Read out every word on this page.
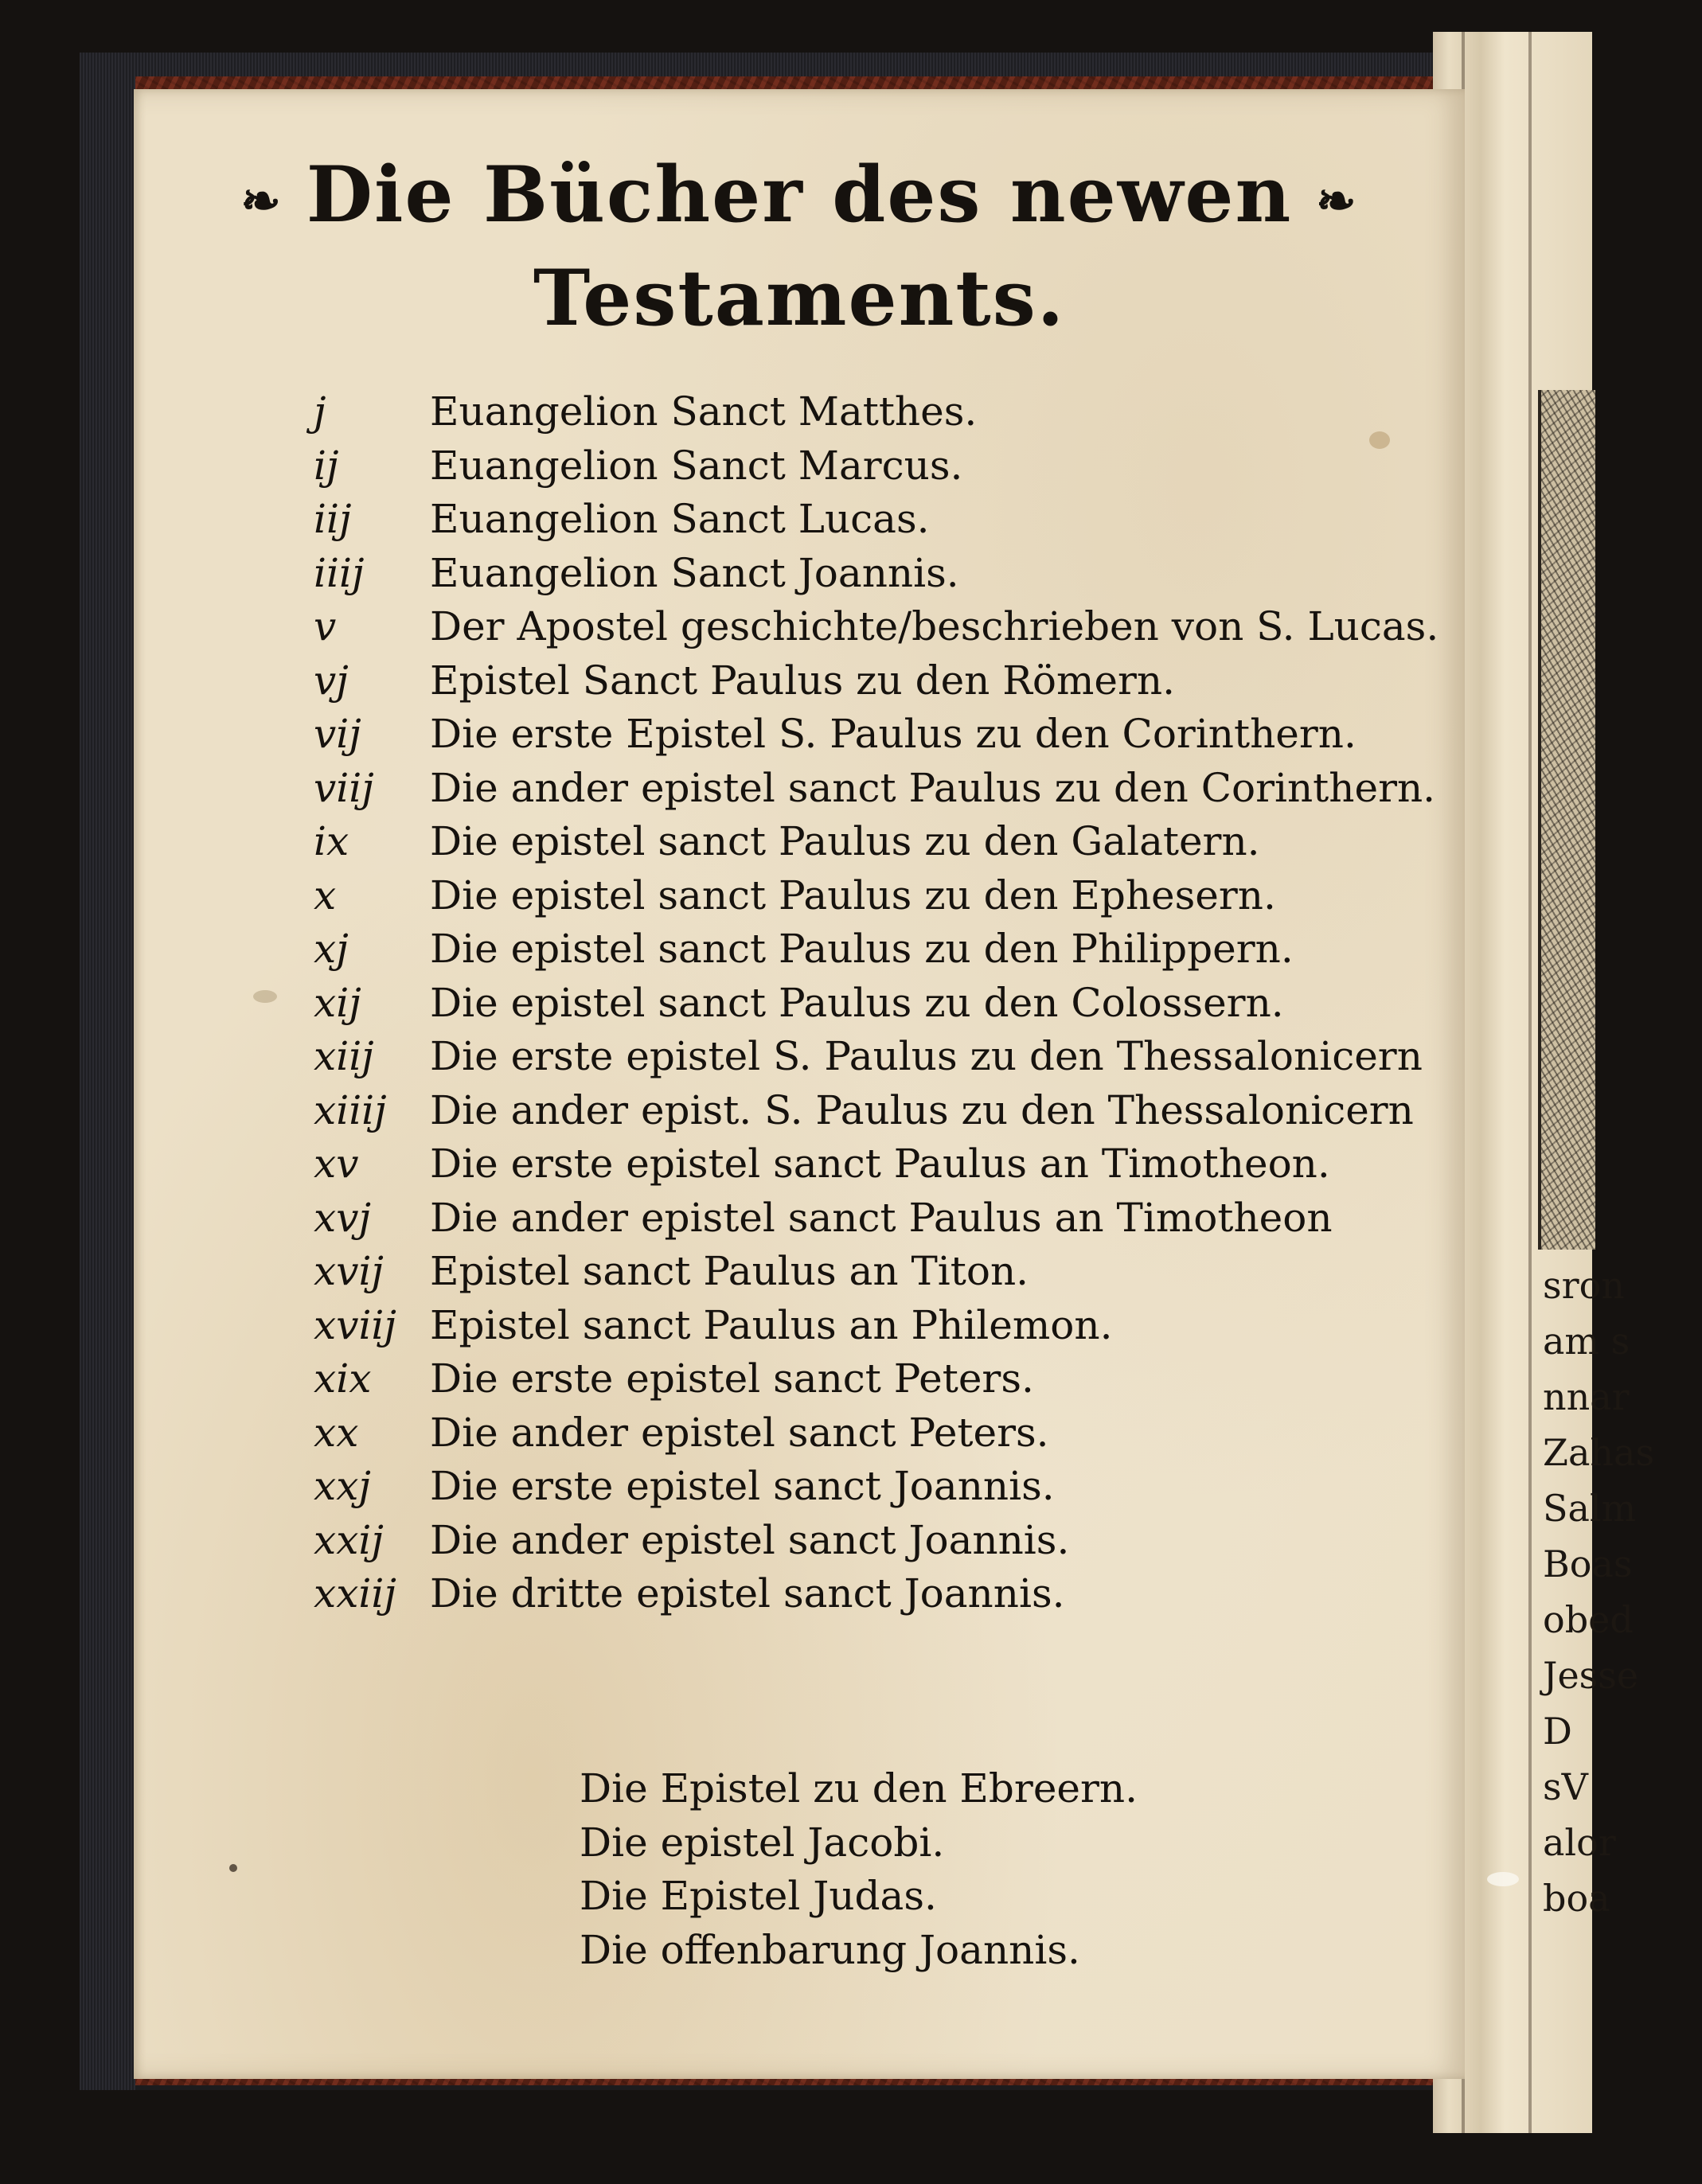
sron
am s
nnar
Zahas
Salm
Boas
obed
Jesse
D
sV
alor
boa
❧ Die Bücher des newen ❧
Testaments.
j	Euangelion Sanct Matthes.
ij Euangelion Sanct Marcus.
iij Euangelion Sanct Lucas.
iiij Euangelion Sanct Joannis.
v Der Apostel geschichte/beschrieben von S. Lucas.
vj Epistel Sanct Paulus zu den Römern.
vij Die erste Epistel S. Paulus zu den Corinthern.
viij Die ander epistel sanct Paulus zu den Corinthern.
ix Die epistel sanct Paulus zu den Galatern.
x Die epistel sanct Paulus zu den Ephesern.
xj Die epistel sanct Paulus zu den Philippern.
xij Die epistel sanct Paulus zu den Colossern.
xiij Die erste epistel S. Paulus zu den Thessalonicern
xiiij Die ander epist. S. Paulus zu den Thessalonicern
xv Die erste epistel sanct Paulus an Timotheon.
xvj Die ander epistel sanct Paulus an Timotheon
xvij Epistel sanct Paulus an Titon.
xviij Epistel sanct Paulus an Philemon.
xix Die erste epistel sanct Peters.
xx Die ander epistel sanct Peters.
xxj Die erste epistel sanct Joannis.
xxij Die ander epistel sanct Joannis.
xxiij Die dritte epistel sanct Joannis.
Die Epistel zu den Ebreern.
Die epistel Jacobi.
Die Epistel Judas.
Die offenbarung Joannis.
